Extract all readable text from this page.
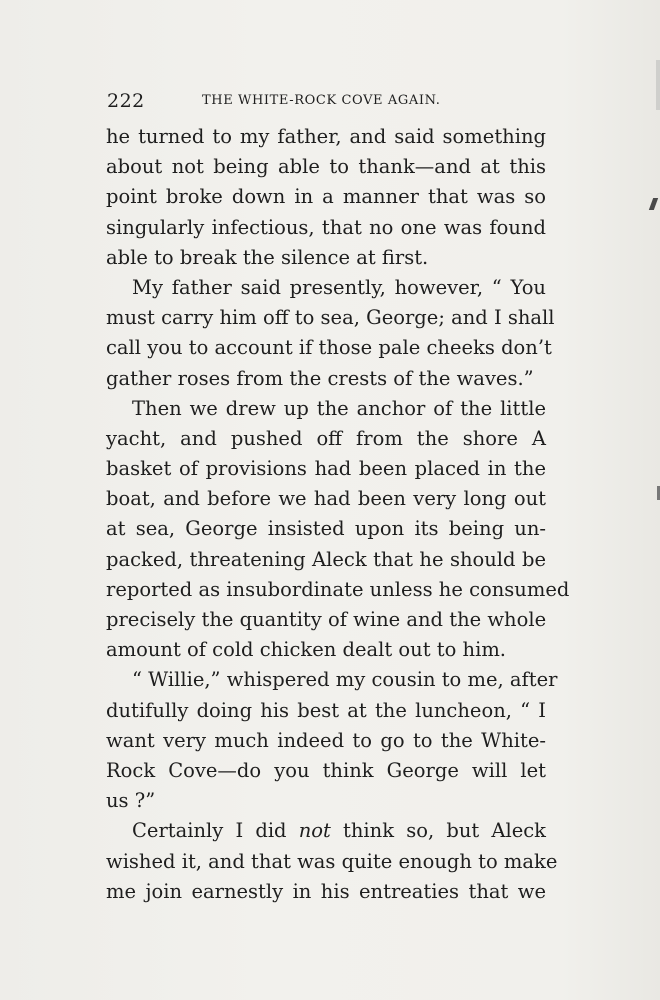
222	THE WHITE-ROCK COVE AGAIN.
he turned to my father, and said something
about not being able to thank—and at this
point broke down in a manner that was so
singularly infectious, that no one was found
able to break the silence at first.
My father said presently, however, “ You
must carry him off to sea, George; and I shall
call you to account if those pale cheeks don’t
gather roses from the crests of the waves.”
Then we drew up the anchor of the little
yacht, and pushed off from the shore A
basket of provisions had been placed in the
boat, and before we had been very long out
at sea, George insisted upon its being un-
packed, threatening Aleck that he should be
reported as insubordinate unless he consumed
precisely the quantity of wine and the whole
amount of cold chicken dealt out to him.
“ Willie,” whispered my cousin to me, after
dutifully doing his best at the luncheon, “ I
want very much indeed to go to the White-
Rock Cove—do you think George will let
us ?”
Certainly I did not think so, but Aleck
wished it, and that was quite enough to make
me join earnestly in his entreaties that we
